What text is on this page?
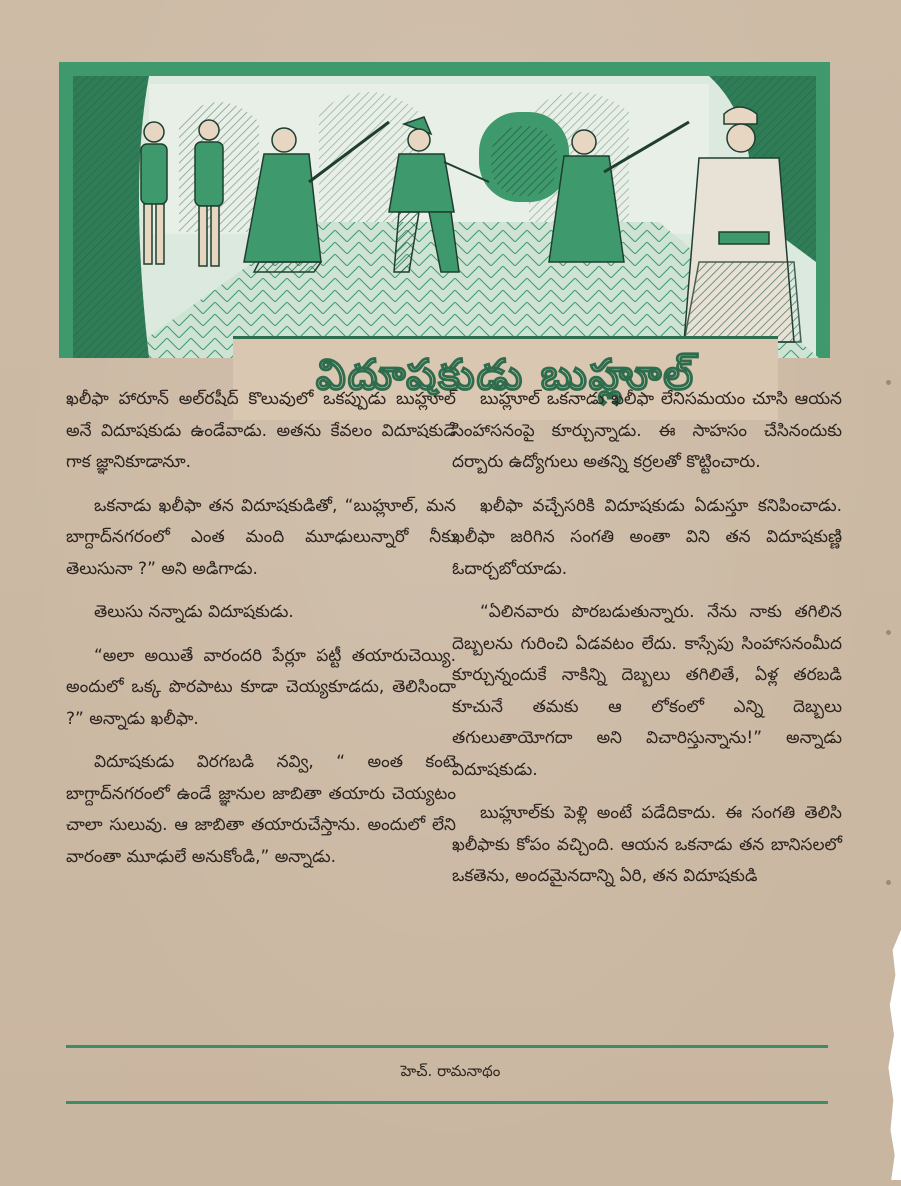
విదూషకుడు బుహ్లూల్

ఖలీఫా హారూన్ అల్‌రషీద్ కొలువులో ఒకప్పుడు బుహ్లూల్ అనే విదూషకుడు ఉండేవాడు. అతను కేవలం విదూషకుడే గాక జ్ఞానికూడానూ.

ఒకనాడు ఖలీఫా తన విదూషకుడితో, “బుహ్లూల్, మన బాగ్దాద్‌నగరంలో ఎంత మంది మూఢులున్నారో నీకు తెలుసునా ?” అని అడిగాడు.

తెలుసు నన్నాడు విదూషకుడు.

“అలా అయితే వారందరి పేర్లూ పట్టీ తయారుచెయ్యి. అందులో ఒక్క పొరపాటు కూడా చెయ్యకూడదు, తెలిసిందా ?” అన్నాడు ఖలీఫా.

విదూషకుడు విరగబడి నవ్వి, “ అంత కంటె బాగ్దాద్‌నగరంలో ఉండే జ్ఞానుల జాబితా తయారు చెయ్యటం చాలా సులువు. ఆ జాబితా తయారుచేస్తాను. అందులో లేని వారంతా మూఢులే అనుకోండి,” అన్నాడు.

బుహ్లూల్ ఒకనాడు ఖలీఫా లేనిసమయం చూసి ఆయన సింహాసనంపై కూర్చున్నాడు. ఈ సాహసం చేసినందుకు దర్బారు ఉద్యోగులు అతన్ని కర్రలతో కొట్టించారు.

ఖలీఫా వచ్చేసరికి విదూషకుడు ఏడుస్తూ కనిపించాడు. ఖలీఫా జరిగిన సంగతి అంతా విని తన విదూషకుణ్ణి ఓదార్చబోయాడు.

“ఏలినవారు పొరబడుతున్నారు. నేను నాకు తగిలిన దెబ్బలను గురించి ఏడవటం లేదు. కాస్సేపు సింహాసనంమీద కూర్చున్నందుకే నాకిన్ని దెబ్బలు తగిలితే, ఏళ్ల తరబడి కూచునే తమకు ఆ లోకంలో ఎన్ని దెబ్బలు తగులుతాయోగదా అని విచారిస్తున్నాను!” అన్నాడు విదూషకుడు.

బుహ్లూల్‌కు పెళ్లి అంటే పడేదికాదు. ఈ సంగతి తెలిసి ఖలీఫాకు కోపం వచ్చింది. ఆయన ఒకనాడు తన బానిసలలో ఒకతెను, అందమైనదాన్ని ఏరి, తన విదూషకుడి

హెచ్. రామనాథం
